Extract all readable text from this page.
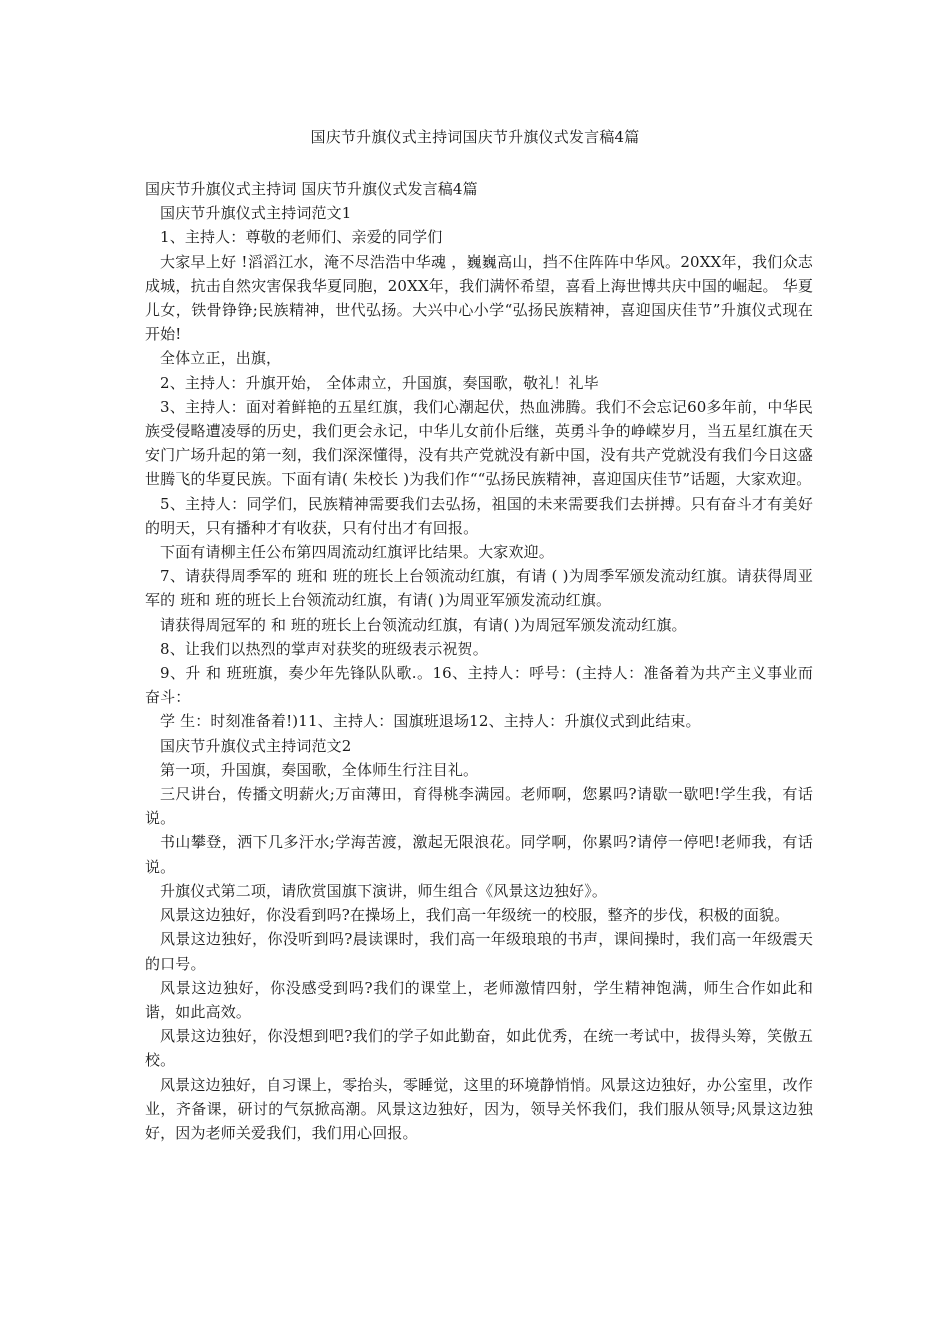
国庆节升旗仪式主持词国庆节升旗仪式发言稿4篇

国庆节升旗仪式主持词 国庆节升旗仪式发言稿4篇

国庆节升旗仪式主持词范文1

1、主持人：尊敬的老师们、亲爱的同学们

大家早上好 !滔滔江水，淹不尽浩浩中华魂 ，巍巍高山，挡不住阵阵中华风。20XX年，我们众志成城，抗击自然灾害保我华夏同胞，20XX年，我们满怀希望，喜看上海世博共庆中国的崛起。 华夏儿女，铁骨铮铮;民族精神，世代弘扬。大兴中心小学“弘扬民族精神，喜迎国庆佳节”升旗仪式现在开始!

全体立正，出旗，

2、主持人：升旗开始， 全体肃立，升国旗，奏国歌，敬礼！礼毕

3、主持人：面对着鲜艳的五星红旗，我们心潮起伏，热血沸腾。我们不会忘记60多年前，中华民族受侵略遭凌辱的历史，我们更会永记，中华儿女前仆后继，英勇斗争的峥嵘岁月，当五星红旗在天安门广场升起的第一刻，我们深深懂得，没有共产党就没有新中国，没有共产党就没有我们今日这盛世腾飞的华夏民族。下面有请( 朱校长 )为我们作““弘扬民族精神，喜迎国庆佳节”话题，大家欢迎。

5、主持人：同学们，民族精神需要我们去弘扬，祖国的未来需要我们去拼搏。只有奋斗才有美好的明天，只有播种才有收获，只有付出才有回报。

下面有请柳主任公布第四周流动红旗评比结果。大家欢迎。

7、请获得周季军的 班和 班的班长上台领流动红旗，有请 ( )为周季军颁发流动红旗。请获得周亚军的 班和 班的班长上台领流动红旗，有请( )为周亚军颁发流动红旗。

请获得周冠军的 和 班的班长上台领流动红旗，有请( )为周冠军颁发流动红旗。

8、让我们以热烈的掌声对获奖的班级表示祝贺。

9、升 和 班班旗，奏少年先锋队队歌.。16、主持人：呼号：(主持人：准备着为共产主义事业而奋斗：

学 生：时刻准备着!)11、主持人：国旗班退场12、主持人：升旗仪式到此结束。

国庆节升旗仪式主持词范文2

第一项，升国旗，奏国歌，全体师生行注目礼。

三尺讲台，传播文明薪火;万亩薄田，育得桃李满园。老师啊，您累吗?请歇一歇吧!学生我，有话说。

书山攀登，洒下几多汗水;学海苦渡，激起无限浪花。同学啊，你累吗?请停一停吧!老师我，有话说。

升旗仪式第二项，请欣赏国旗下演讲，师生组合《风景这边独好》。

风景这边独好，你没看到吗?在操场上，我们高一年级统一的校服，整齐的步伐，积极的面貌。

风景这边独好，你没听到吗?晨读课时，我们高一年级琅琅的书声，课间操时，我们高一年级震天的口号。

风景这边独好，你没感受到吗?我们的课堂上，老师激情四射，学生精神饱满，师生合作如此和谐，如此高效。

风景这边独好，你没想到吧?我们的学子如此勤奋，如此优秀，在统一考试中，拔得头筹，笑傲五校。

风景这边独好，自习课上，零抬头，零睡觉，这里的环境静悄悄。风景这边独好，办公室里，改作业，齐备课，研讨的气氛掀高潮。风景这边独好，因为，领导关怀我们，我们服从领导;风景这边独好，因为老师关爱我们，我们用心回报。
